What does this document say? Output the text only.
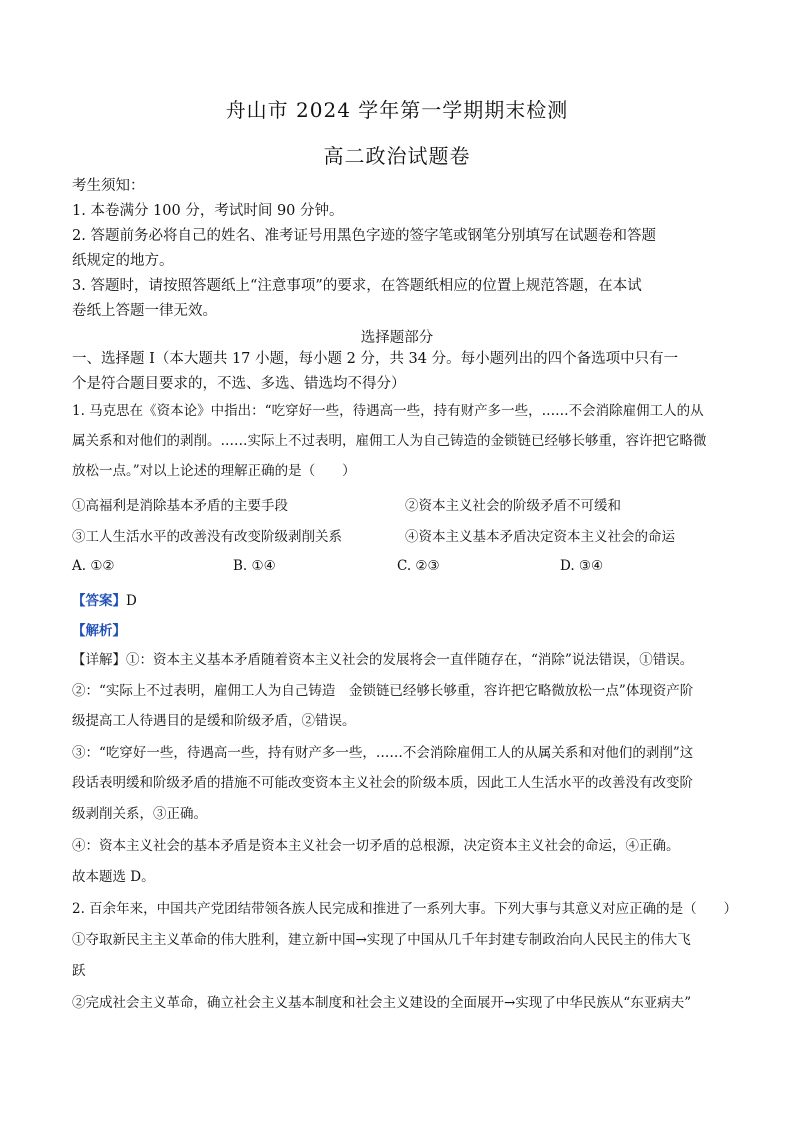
舟山市 2024 学年第一学期期末检测
高二政治试题卷
考生须知：
1. 本卷满分 100 分，考试时间 90 分钟。
2. 答题前务必将自己的姓名、准考证号用黑色字迹的签字笔或钢笔分别填写在试题卷和答题
纸规定的地方。
3. 答题时，请按照答题纸上“注意事项”的要求，在答题纸相应的位置上规范答题，在本试
卷纸上答题一律无效。
选择题部分
一、选择题 I（本大题共 17 小题，每小题 2 分，共 34 分。每小题列出的四个备选项中只有一
个是符合题目要求的，不选、多选、错选均不得分）
1. 马克思在《资本论》中指出：“吃穿好一些，待遇高一些，持有财产多一些，……不会消除雇佣工人的从
属关系和对他们的剥削。……实际上不过表明，雇佣工人为自己铸造的金锁链已经够长够重，容许把它略微
放松一点。”对以上论述的理解正确的是（　　）
①高福利是消除基本矛盾的主要手段	②资本主义社会的阶级矛盾不可缓和
③工人生活水平的改善没有改变阶级剥削关系	④资本主义基本矛盾决定资本主义社会的命运
A. ①②	B. ①④	C. ②③	D. ③④
【答案】D
【解析】
【详解】①：资本主义基本矛盾随着资本主义社会的发展将会一直伴随存在，“消除”说法错误，①错误。
②：“实际上不过表明，雇佣工人为自己铸造　金锁链已经够长够重，容许把它略微放松一点”体现资产阶
级提高工人待遇目的是缓和阶级矛盾，②错误。
③：“吃穿好一些，待遇高一些，持有财产多一些，……不会消除雇佣工人的从属关系和对他们的剥削”这
段话表明缓和阶级矛盾的措施不可能改变资本主义社会的阶级本质，因此工人生活水平的改善没有改变阶
级剥削关系，③正确。
④：资本主义社会的基本矛盾是资本主义社会一切矛盾的总根源，决定资本主义社会的命运，④正确。
故本题选 D。
2. 百余年来，中国共产党团结带领各族人民完成和推进了一系列大事。下列大事与其意义对应正确的是（　　）
①夺取新民主主义革命的伟大胜利，建立新中国→实现了中国从几千年封建专制政治向人民民主的伟大飞
跃
②完成社会主义革命，确立社会主义基本制度和社会主义建设的全面展开→实现了中华民族从“东亚病夫”
